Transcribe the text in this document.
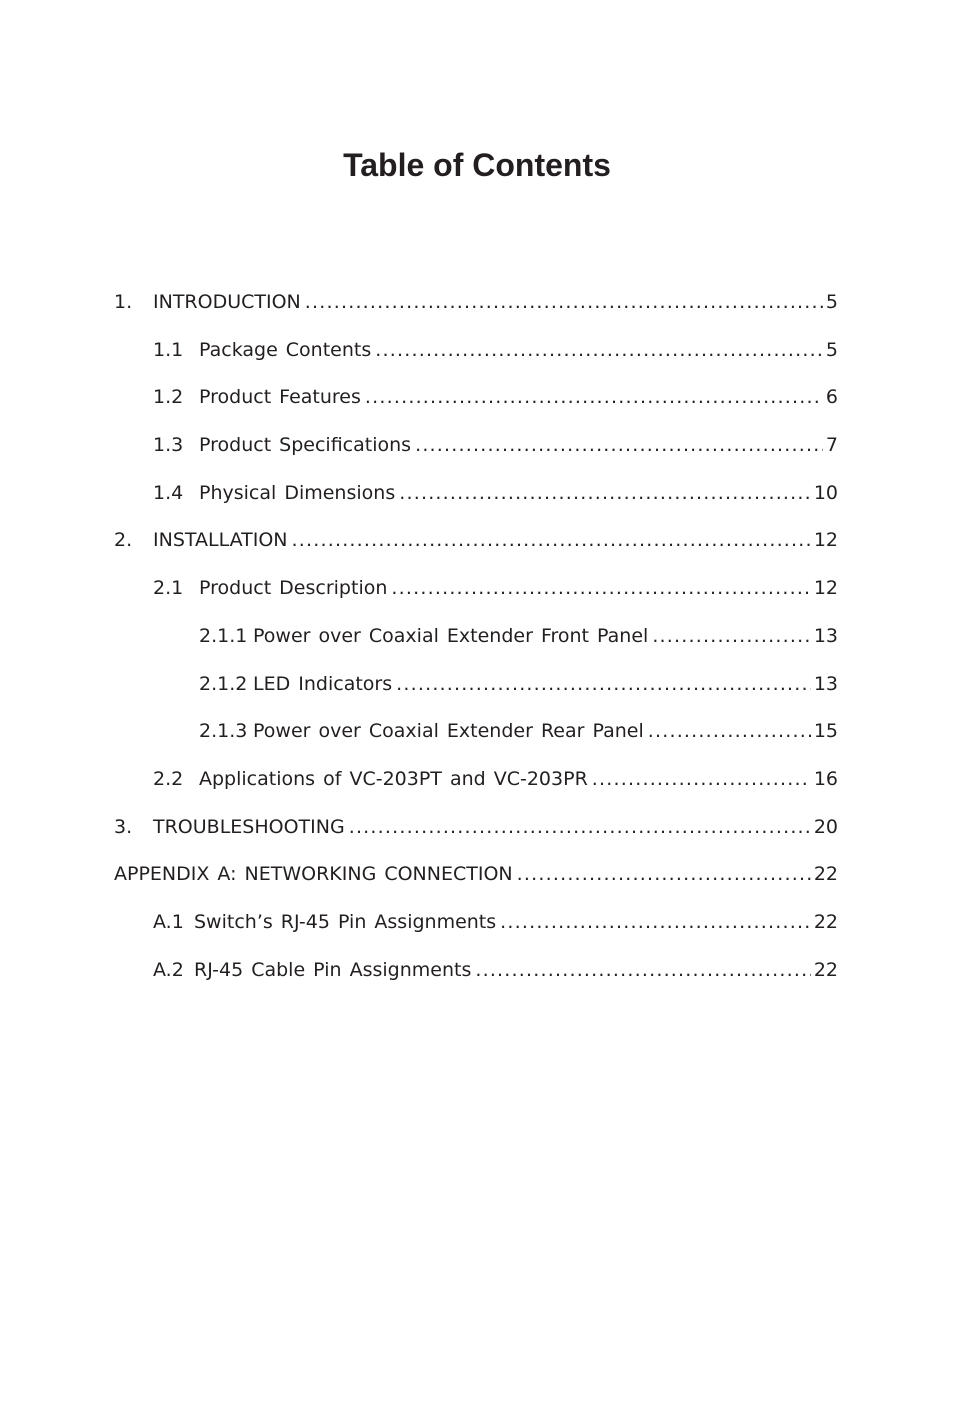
Table of Contents
1.	INTRODUCTION .....	5
1.1 Package Contents .....	5
1.2 Product Features .....	6
1.3 Product Specifications .....	7
1.4 Physical Dimensions .....	10
2.	INSTALLATION .....	12
2.1 Product Description .....	12
2.1.1 Power over Coaxial Extender Front Panel .....	13
2.1.2 LED Indicators .....	13
2.1.3 Power over Coaxial Extender Rear Panel .....	15
2.2 Applications of VC-203PT and VC-203PR .....	16
3.	TROUBLESHOOTING .....	20
APPENDIX A: NETWORKING CONNECTION .....	22
A.1 Switch’s RJ-45 Pin Assignments .....	22
A.2 RJ-45 Cable Pin Assignments .....	22
